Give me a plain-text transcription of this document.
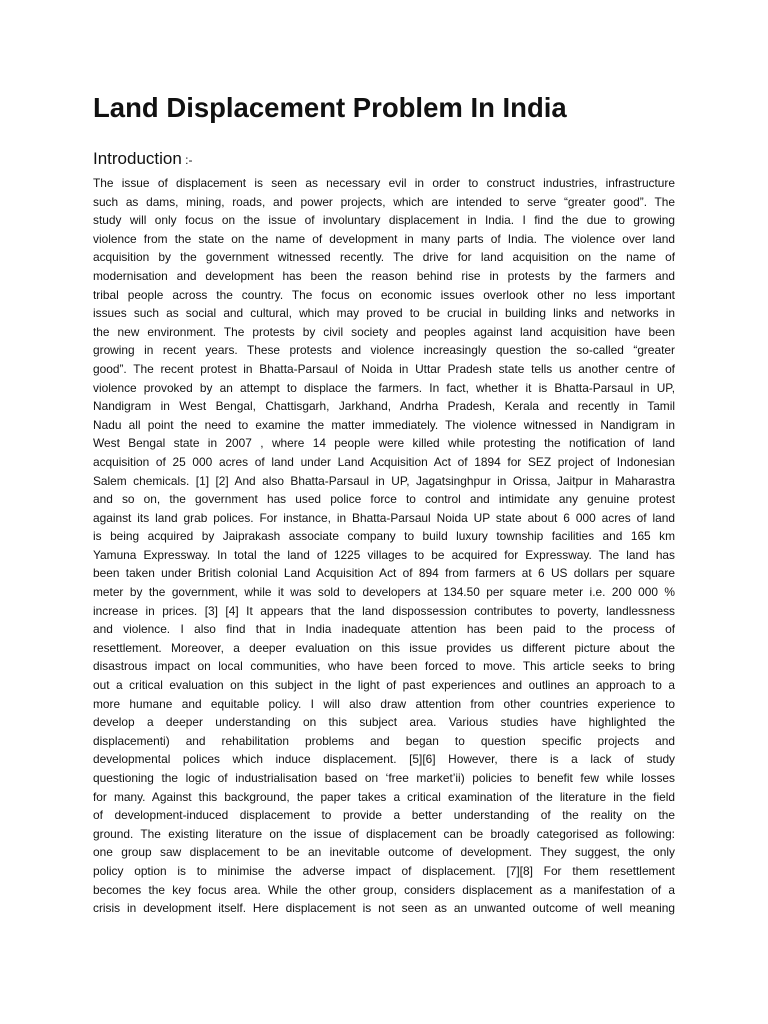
Land Displacement Problem In India
Introduction :-
The issue of displacement is seen as necessary evil in order to construct industries, infrastructure
such as dams, mining, roads, and power projects, which are intended to serve “greater good”. The
study will only focus on the issue of involuntary displacement in India. I find the due to growing
violence from the state on the name of development in many parts of India. The violence over land
acquisition by the government witnessed recently. The drive for land acquisition on the name of
modernisation and development has been the reason behind rise in protests by the farmers and
tribal people across the country. The focus on economic issues overlook other no less important
issues such as social and cultural, which may proved to be crucial in building links and networks in
the new environment. The protests by civil society and peoples against land acquisition have been
growing in recent years. These protests and violence increasingly question the so-called “greater
good”. The recent protest in Bhatta-Parsaul of Noida in Uttar Pradesh state tells us another centre of
violence provoked by an attempt to displace the farmers. In fact, whether it is Bhatta-Parsaul in UP,
Nandigram in West Bengal, Chattisgarh, Jarkhand, Andrha Pradesh, Kerala and recently in Tamil
Nadu all point the need to examine the matter immediately. The violence witnessed in Nandigram in
West Bengal state in 2007 , where 14 people were killed while protesting the notification of land
acquisition of 25 000 acres of land under Land Acquisition Act of 1894 for SEZ project of Indonesian
Salem chemicals. [1] [2] And also Bhatta-Parsaul in UP, Jagatsinghpur in Orissa, Jaitpur in Maharastra
and so on, the government has used police force to control and intimidate any genuine protest
against its land grab polices. For instance, in Bhatta-Parsaul Noida UP state about 6 000 acres of land
is being acquired by Jaiprakash associate company to build luxury township facilities and 165 km
Yamuna Expressway. In total the land of 1225 villages to be acquired for Expressway. The land has
been taken under British colonial Land Acquisition Act of 894 from farmers at 6 US dollars per square
meter by the government, while it was sold to developers at 134.50 per square meter i.e. 200 000 %
increase in prices. [3] [4] It appears that the land dispossession contributes to poverty, landlessness
and violence. I also find that in India inadequate attention has been paid to the process of
resettlement. Moreover, a deeper evaluation on this issue provides us different picture about the
disastrous impact on local communities, who have been forced to move. This article seeks to bring
out a critical evaluation on this subject in the light of past experiences and outlines an approach to a
more humane and equitable policy. I will also draw attention from other countries experience to
develop a deeper understanding on this subject area. Various studies have highlighted the
displacementi) and rehabilitation problems and began to question specific projects and
developmental polices which induce displacement. [5][6] However, there is a lack of study
questioning the logic of industrialisation based on ‘free market’ii) policies to benefit few while losses
for many. Against this background, the paper takes a critical examination of the literature in the field
of development-induced displacement to provide a better understanding of the reality on the
ground. The existing literature on the issue of displacement can be broadly categorised as following:
one group saw displacement to be an inevitable outcome of development. They suggest, the only
policy option is to minimise the adverse impact of displacement. [7][8] For them resettlement
becomes the key focus area. While the other group, considers displacement as a manifestation of a
crisis in development itself. Here displacement is not seen as an unwanted outcome of well meaning
